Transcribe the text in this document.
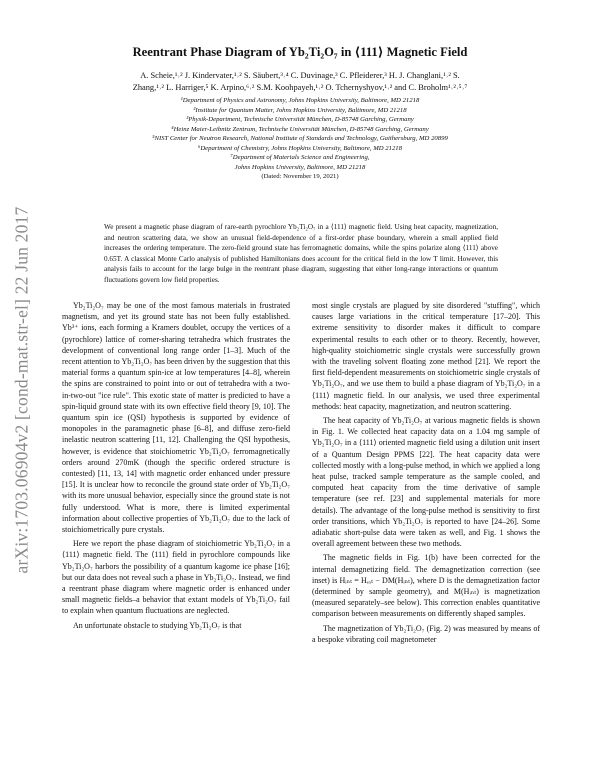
arXiv:1703.06904v2 [cond-mat.str-el] 22 Jun 2017
Reentrant Phase Diagram of Yb₂Ti₂O₇ in ⟨111⟩ Magnetic Field
A. Scheie,¹˒² J. Kindervater,¹˒² S. Säubert,³˒⁴ C. Duvinage,³ C. Pfleiderer,³ H. J. Changlani,¹˒² S.
Zhang,¹˒² L. Harriger,⁵ K. Arpino,⁶˒² S.M. Koohpayeh,¹˒² O. Tchernyshyov,¹˒² and C. Broholm¹˒²˒⁵˒⁷
¹Department of Physics and Astronomy, Johns Hopkins University, Baltimore, MD 21218
²Institute for Quantum Matter, Johns Hopkins University, Baltimore, MD 21218
³Physik-Department, Technische Universität München, D-85748 Garching, Germany
⁴Heinz Maier-Leibnitz Zentrum, Technische Universität München, D-85748 Garching, Germany
⁵NIST Center for Neutron Research, National Institute of Standards and Technology, Gaithersburg, MD 20899
⁶Department of Chemistry, Johns Hopkins University, Baltimore, MD 21218
⁷Department of Materials Science and Engineering,
Johns Hopkins University, Baltimore, MD 21218
(Dated: November 19, 2021)
We present a magnetic phase diagram of rare-earth pyrochlore Yb₂Ti₂O₇ in a ⟨111⟩ magnetic field. Using heat capacity, magnetization, and neutron scattering data, we show an unusual field-dependence of a first-order phase boundary, wherein a small applied field increases the ordering temperature. The zero-field ground state has ferromagnetic domains, while the spins polarize along ⟨111⟩ above 0.65T. A classical Monte Carlo analysis of published Hamiltonians does account for the critical field in the low T limit. However, this analysis fails to account for the large bulge in the reentrant phase diagram, suggesting that either long-range interactions or quantum fluctuations govern low field properties.

Yb₂Ti₂O₇ may be one of the most famous materials in frustrated magnetism, and yet its ground state has not been fully established. Yb³⁺ ions, each forming a Kramers doublet, occupy the vertices of a (pyrochlore) lattice of corner-sharing tetrahedra which frustrates the development of conventional long range order [1–3]. Much of the recent attention to Yb₂Ti₂O₇ has been driven by the suggestion that this material forms a quantum spin-ice at low temperatures [4–8], wherein the spins are constrained to point into or out of tetrahedra with a two-in-two-out "ice rule". This exotic state of matter is predicted to have a spin-liquid ground state with its own effective field theory [9, 10]. The quantum spin ice (QSI) hypothesis is supported by evidence of monopoles in the paramagnetic phase [6–8], and diffuse zero-field inelastic neutron scattering [11, 12]. Challenging the QSI hypothesis, however, is evidence that stoichiometric Yb₂Ti₂O₇ ferromagnetically orders around 270mK (though the specific ordered structure is contested) [11, 13, 14] with magnetic order enhanced under pressure [15]. It is unclear how to reconcile the ground state order of Yb₂Ti₂O₇ with its more unusual behavior, especially since the ground state is not fully understood. What is more, there is limited experimental information about collective properties of Yb₂Ti₂O₇ due to the lack of stoichiometrically pure crystals.

Here we report the phase diagram of stoichiometric Yb₂Ti₂O₇ in a ⟨111⟩ magnetic field. The ⟨111⟩ field in pyrochlore compounds like Yb₂Ti₂O₇ harbors the possibility of a quantum kagome ice phase [16]; but our data does not reveal such a phase in Yb₂Ti₂O₇. Instead, we find a reentrant phase diagram where magnetic order is enhanced under small magnetic fields–a behavior that extant models of Yb₂Ti₂O₇ fail to explain when quantum fluctuations are neglected.

An unfortunate obstacle to studying Yb₂Ti₂O₇ is that

most single crystals are plagued by site disordered "stuffing", which causes large variations in the critical temperature [17–20]. This extreme sensitivity to disorder makes it difficult to compare experimental results to each other or to theory. Recently, however, high-quality stoichiometric single crystals were successfully grown with the traveling solvent floating zone method [21]. We report the first field-dependent measurements on stoichiometric single crystals of Yb₂Ti₂O₇, and we use them to build a phase diagram of Yb₂Ti₂O₇ in a ⟨111⟩ magnetic field. In our analysis, we used three experimental methods: heat capacity, magnetization, and neutron scattering.

The heat capacity of Yb₂Ti₂O₇ at various magnetic fields is shown in Fig. 1. We collected heat capacity data on a 1.04 mg sample of Yb₂Ti₂O₇ in a ⟨111⟩ oriented magnetic field using a dilution unit insert of a Quantum Design PPMS [22]. The heat capacity data were collected mostly with a long-pulse method, in which we applied a long heat pulse, tracked sample temperature as the sample cooled, and computed heat capacity from the time derivative of sample temperature (see ref. [23] and supplemental materials for more details). The advantage of the long-pulse method is sensitivity to first order transitions, which Yb₂Ti₂O₇ is reported to have [24–26]. Some adiabatic short-pulse data were taken as well, and Fig. 1 shows the overall agreement between these two methods.

The magnetic fields in Fig. 1(b) have been corrected for the internal demagnetizing field. The demagnetization correction (see inset) is Hᵢₙₜ = Hₑₓₜ − DM(Hᵢₙₜ), where D is the demagnetization factor (determined by sample geometry), and M(Hᵢₙₜ) is magnetization (measured separately–see below). This correction enables quantitative comparison between measurements on differently shaped samples.

The magnetization of Yb₂Ti₂O₇ (Fig. 2) was measured by means of a bespoke vibrating coil magnetometer
